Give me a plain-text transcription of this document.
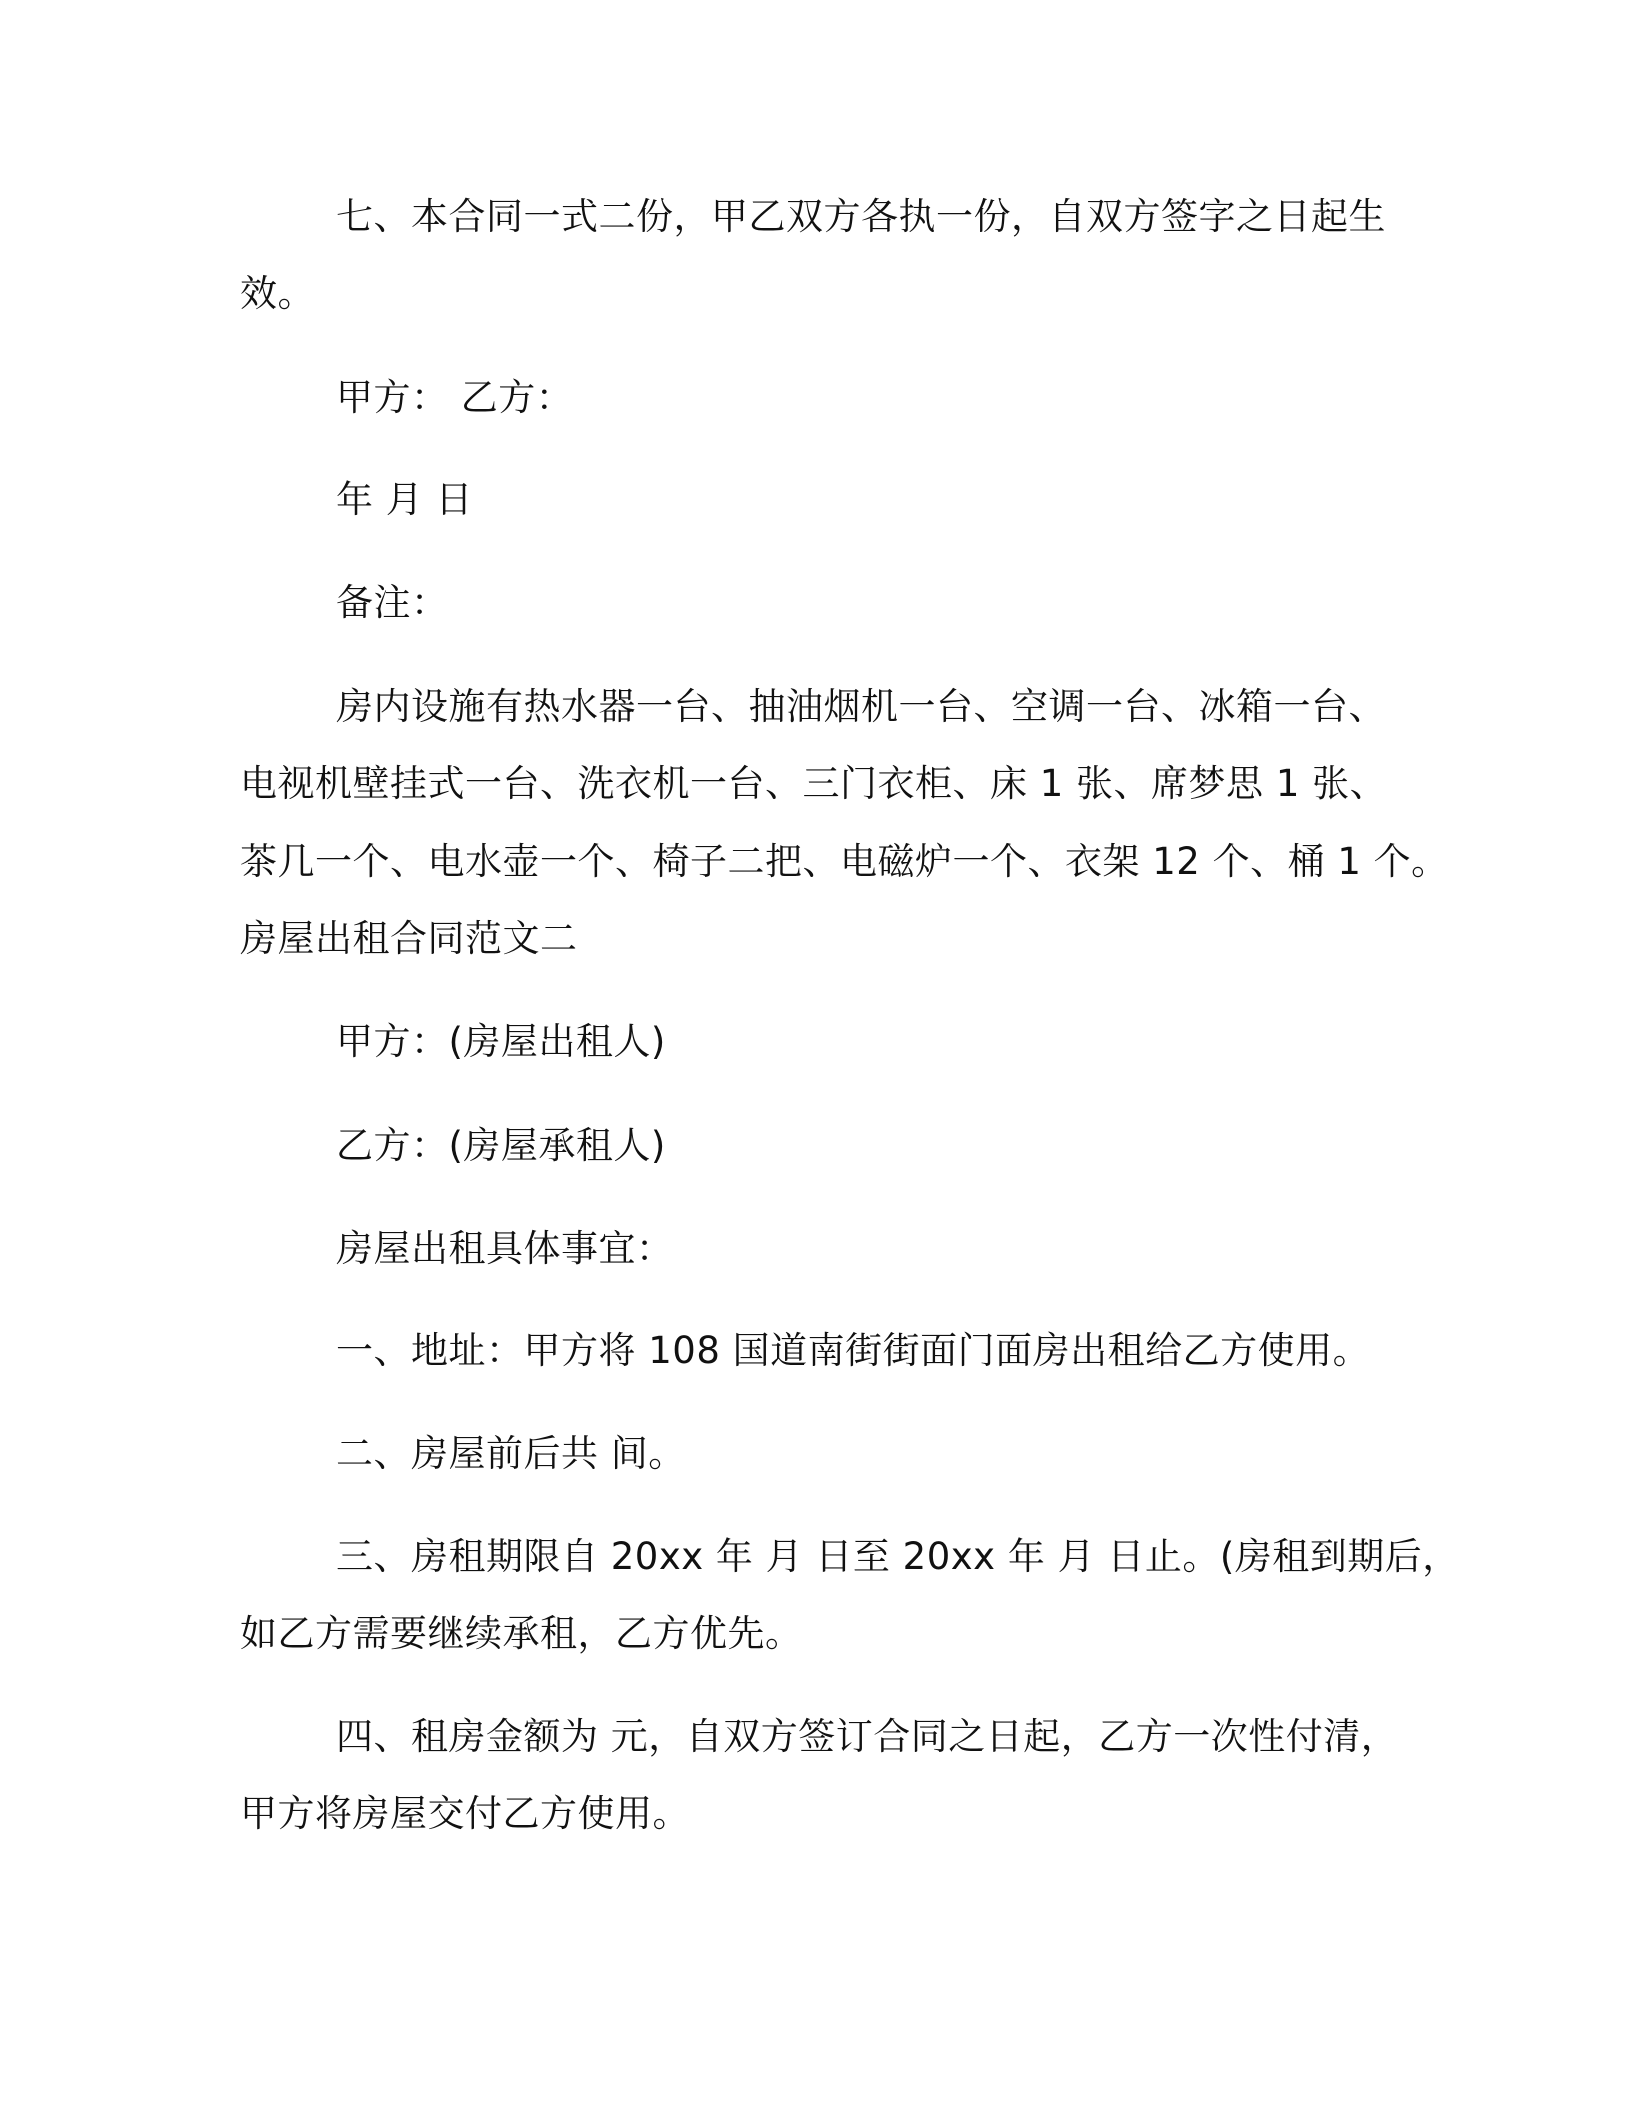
七、本合同一式二份，甲乙双方各执一份，自双方签字之日起生
效。
甲方： 乙方：
年 月 日
备注：
房内设施有热水器一台、抽油烟机一台、空调一台、冰箱一台、
电视机壁挂式一台、洗衣机一台、三门衣柜、床 1 张、席梦思 1 张、
茶几一个、电水壶一个、椅子二把、电磁炉一个、衣架 12 个、桶 1 个。
房屋出租合同范文二
甲方：(房屋出租人)
乙方：(房屋承租人)
房屋出租具体事宜：
一、地址：甲方将 108 国道南街街面门面房出租给乙方使用。
二、房屋前后共 间。
三、房租期限自 20xx 年 月 日至 20xx 年 月 日止。(房租到期后，
如乙方需要继续承租，乙方优先。
四、租房金额为 元，自双方签订合同之日起，乙方一次性付清，
甲方将房屋交付乙方使用。
